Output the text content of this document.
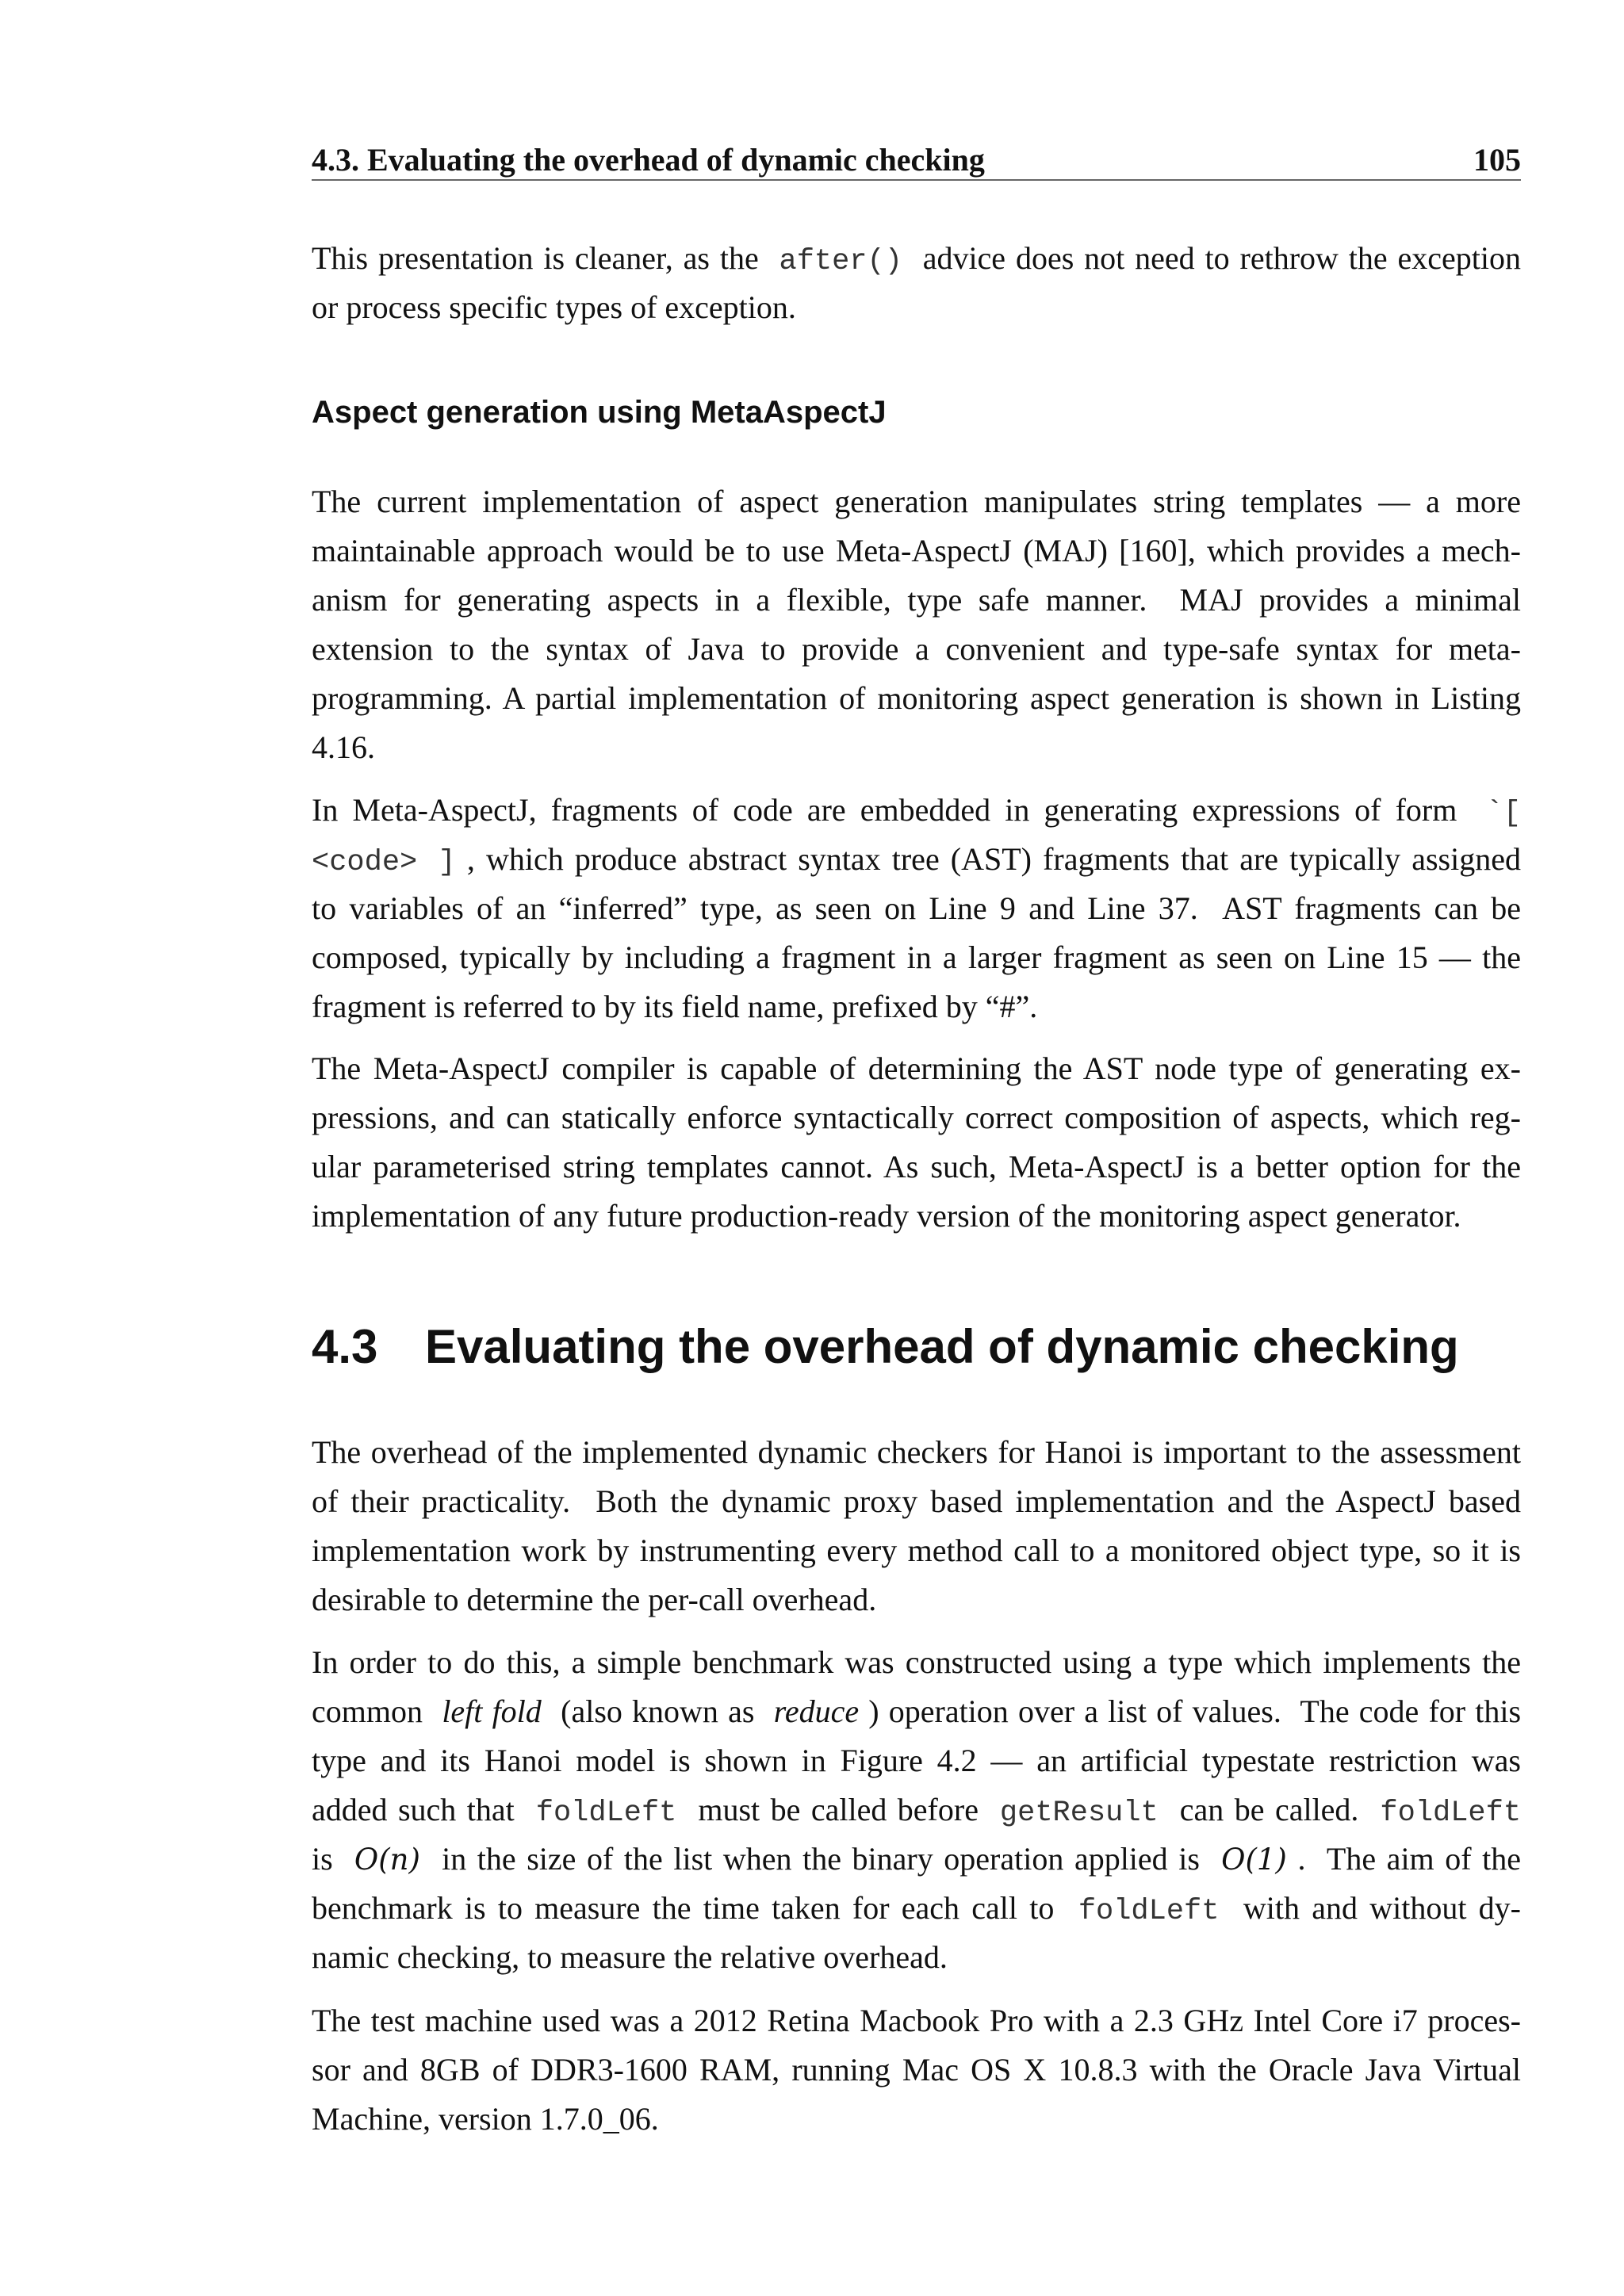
4.3. Evaluating the overhead of dynamic checking	105
This presentation is cleaner, as the  after()  advice does not need to rethrow the exception
or process specific types of exception.
Aspect generation using MetaAspectJ
The current implementation of aspect generation manipulates string templates — a more
maintainable approach would be to use Meta-AspectJ (MAJ) [160], which provides a mech-
anism for generating aspects in a flexible, type safe manner.  MAJ provides a minimal
extension to the syntax of Java to provide a convenient and type-safe syntax for meta-
programming. A partial implementation of monitoring aspect generation is shown in Listing
4.16.
In Meta-AspectJ, fragments of code are embedded in generating expressions of form  `[
<code> ] , which produce abstract syntax tree (AST) fragments that are typically assigned
to variables of an “inferred” type, as seen on Line 9 and Line 37.  AST fragments can be
composed, typically by including a fragment in a larger fragment as seen on Line 15 — the
fragment is referred to by its field name, prefixed by “#”.
The Meta-AspectJ compiler is capable of determining the AST node type of generating ex-
pressions, and can statically enforce syntactically correct composition of aspects, which reg-
ular parameterised string templates cannot. As such, Meta-AspectJ is a better option for the
implementation of any future production-ready version of the monitoring aspect generator.
4.3 Evaluating the overhead of dynamic checking
The overhead of the implemented dynamic checkers for Hanoi is important to the assessment
of their practicality.  Both the dynamic proxy based implementation and the AspectJ based
implementation work by instrumenting every method call to a monitored object type, so it is
desirable to determine the per-call overhead.
In order to do this, a simple benchmark was constructed using a type which implements the
common  left fold  (also known as  reduce ) operation over a list of values.  The code for this
type and its Hanoi model is shown in Figure 4.2 — an artificial typestate restriction was
added such that  foldLeft  must be called before  getResult  can be called.  foldLeft
is  O(n)  in the size of the list when the binary operation applied is  O(1) .  The aim of the
benchmark is to measure the time taken for each call to  foldLeft  with and without dy-
namic checking, to measure the relative overhead.
The test machine used was a 2012 Retina Macbook Pro with a 2.3 GHz Intel Core i7 proces-
sor and 8GB of DDR3-1600 RAM, running Mac OS X 10.8.3 with the Oracle Java Virtual
Machine, version 1.7.0_06.
